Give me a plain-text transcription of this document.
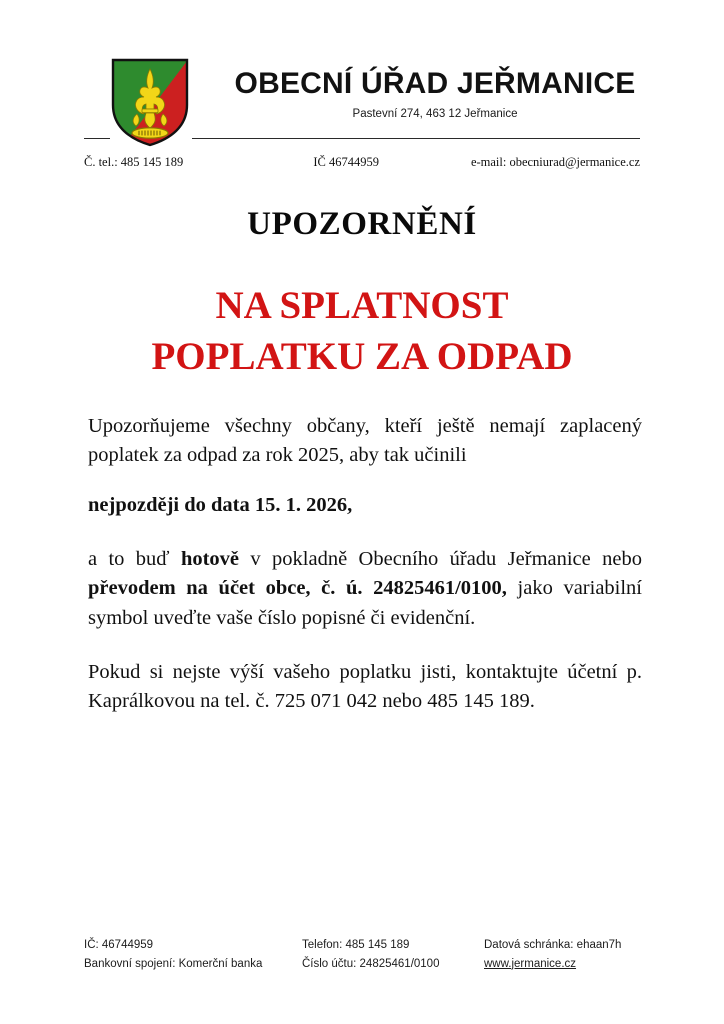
OBECNÍ ÚŘAD JEŘMANICE
Pastevní 274, 463 12 Jeřmanice
Č. tel.: 485 145 189	IČ 46744959	e-mail: obecniurad@jermanice.cz
UPOZORNĚNÍ
NA SPLATNOST
POPLATKU ZA ODPAD

Upozorňujeme všechny občany, kteří ještě nemají zaplacený poplatek za odpad za rok 2025, aby tak učinili

nejpozději do data 15. 1. 2026,

a to buď hotově v pokladně Obecního úřadu Jeřmanice nebo převodem na účet obce, č. ú. 24825461/0100, jako variabilní symbol uveďte vaše číslo popisné či evidenční.

Pokud si nejste výší vašeho poplatku jisti, kontaktujte účetní p. Kaprálkovou na tel. č. 725 071 042 nebo 485 145 189.

IČ: 46744959
Bankovní spojení: Komerční banka
Telefon: 485 145 189
Číslo účtu: 24825461/0100
Datová schránka: ehaan7h
www.jermanice.cz
